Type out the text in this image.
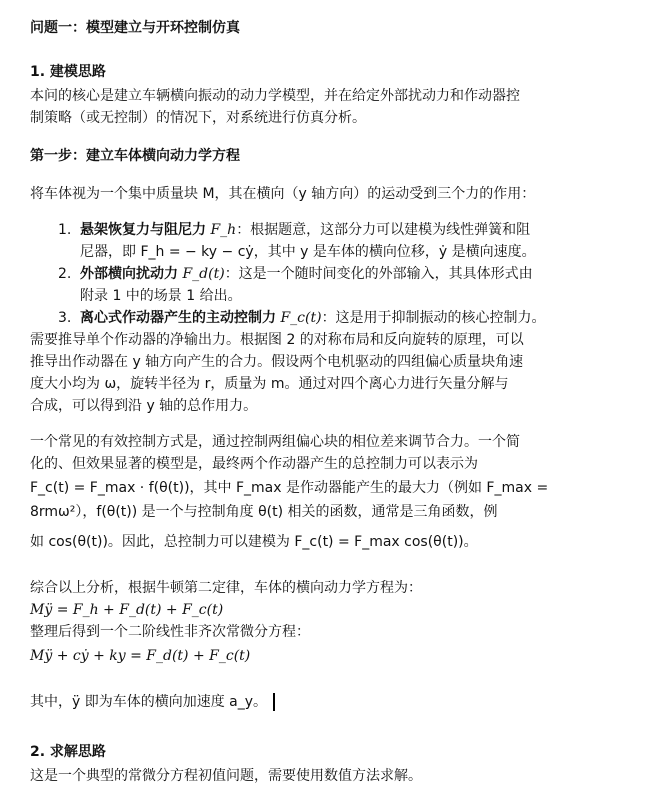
问题一：模型建立与开环控制仿真
1. 建模思路
本问的核心是建立车辆横向振动的动力学模型，并在给定外部扰动力和作动器控
制策略（或无控制）的情况下，对系统进行仿真分析。
第一步：建立车体横向动力学方程
将车体视为一个集中质量块 M，其在横向（y 轴方向）的运动受到三个力的作用：
1. 悬架恢复力与阻尼力 F_h：根据题意，这部分力可以建模为线性弹簧和阻
尼器，即 F_h = − ky − cẏ，其中 y 是车体的横向位移，ẏ 是横向速度。
2. 外部横向扰动力 F_d(t)：这是一个随时间变化的外部输入，其具体形式由
附录 1 中的场景 1 给出。
3. 离心式作动器产生的主动控制力 F_c(t)：这是用于抑制振动的核心控制力。
需要推导单个作动器的净输出力。根据图 2 的对称布局和反向旋转的原理，可以
推导出作动器在 y 轴方向产生的合力。假设两个电机驱动的四组偏心质量块角速
度大小均为 ω，旋转半径为 r，质量为 m。通过对四个离心力进行矢量分解与
合成，可以得到沿 y 轴的总作用力。
一个常见的有效控制方式是，通过控制两组偏心块的相位差来调节合力。一个简
化的、但效果显著的模型是，最终两个作动器产生的总控制力可以表示为
F_c(t) = F_max · f(θ(t))，其中 F_max 是作动器能产生的最大力（例如 F_max =
8rmω²），f(θ(t)) 是一个与控制角度 θ(t) 相关的函数，通常是三角函数，例
如 cos(θ(t))。因此，总控制力可以建模为 F_c(t) = F_max cos(θ(t))。
综合以上分析，根据牛顿第二定律，车体的横向动力学方程为：
Mÿ = F_h + F_d(t) + F_c(t)
整理后得到一个二阶线性非齐次常微分方程：
Mÿ + cẏ + ky = F_d(t) + F_c(t)
其中，ÿ 即为车体的横向加速度 a_y。
2. 求解思路
这是一个典型的常微分方程初值问题，需要使用数值方法求解。
